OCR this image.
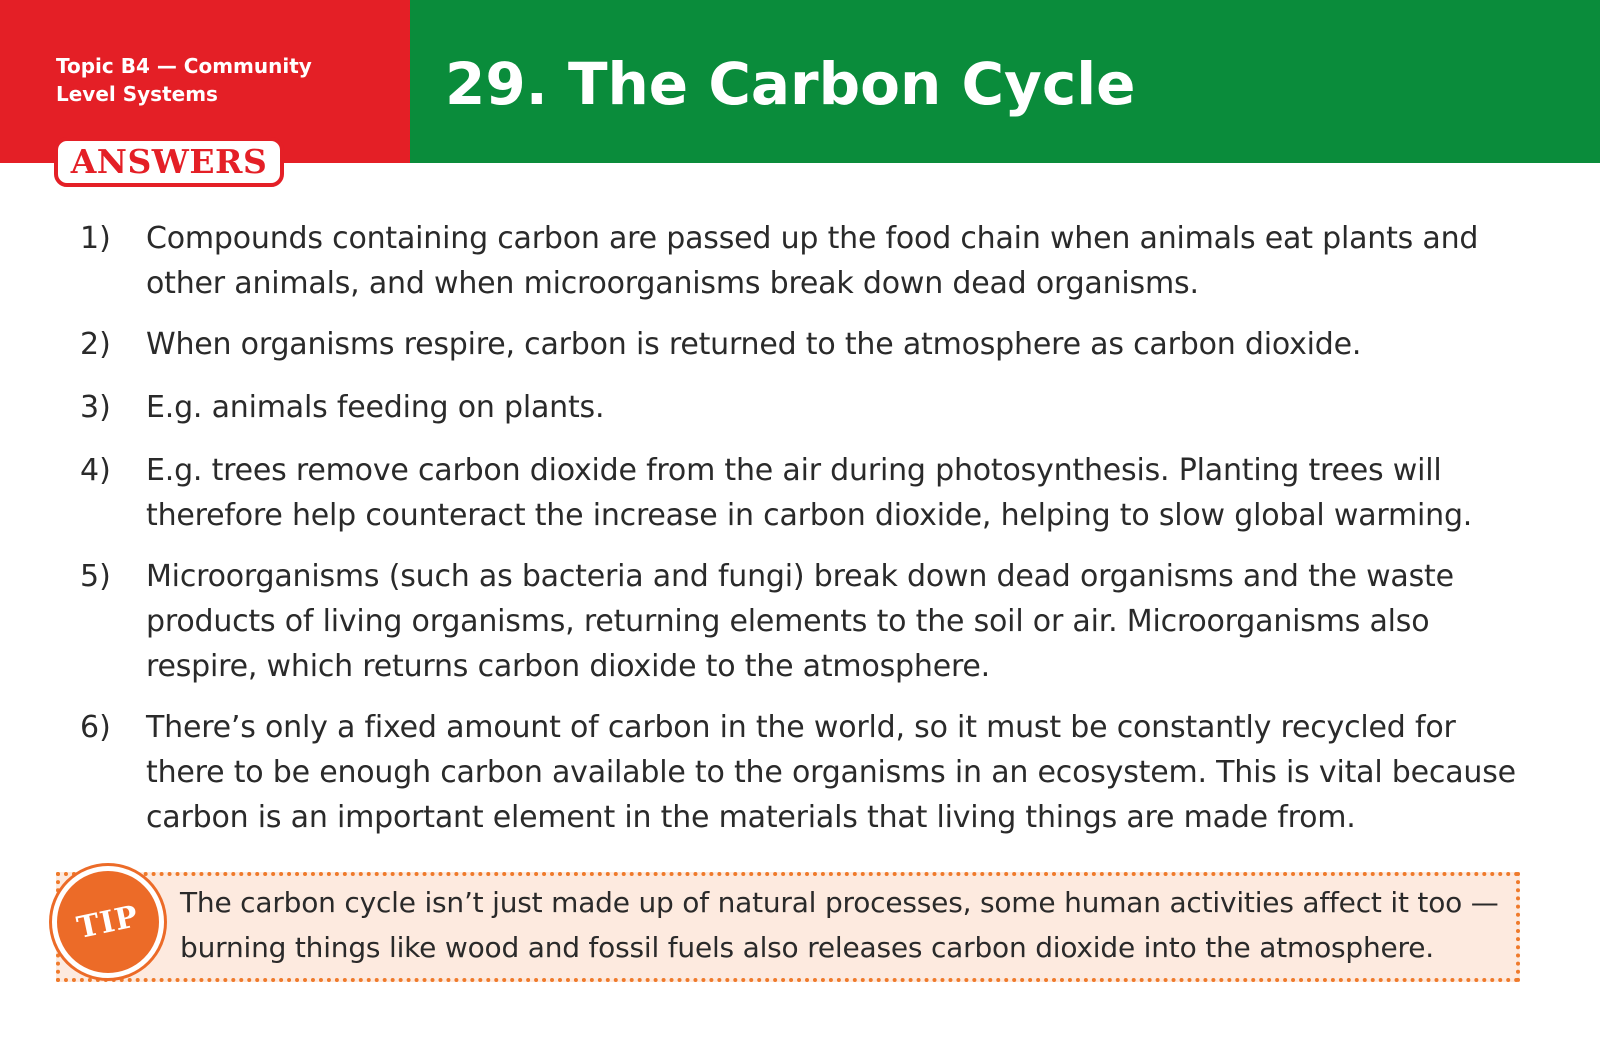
Topic B4 — Community Level Systems	29. The Carbon Cycle
ANSWERS
1)	Compounds containing carbon are passed up the food chain when animals eat plants and other animals, and when microorganisms break down dead organisms.
2)	When organisms respire, carbon is returned to the atmosphere as carbon dioxide.
3)	E.g. animals feeding on plants.
4)	E.g. trees remove carbon dioxide from the air during photosynthesis. Planting trees will therefore help counteract the increase in carbon dioxide, helping to slow global warming.
5)	Microorganisms (such as bacteria and fungi) break down dead organisms and the waste products of living organisms, returning elements to the soil or air. Microorganisms also respire, which returns carbon dioxide to the atmosphere.
6)	There’s only a fixed amount of carbon in the world, so it must be constantly recycled for there to be enough carbon available to the organisms in an ecosystem. This is vital because carbon is an important element in the materials that living things are made from.
TIP The carbon cycle isn’t just made up of natural processes, some human activities affect it too — burning things like wood and fossil fuels also releases carbon dioxide into the atmosphere.
